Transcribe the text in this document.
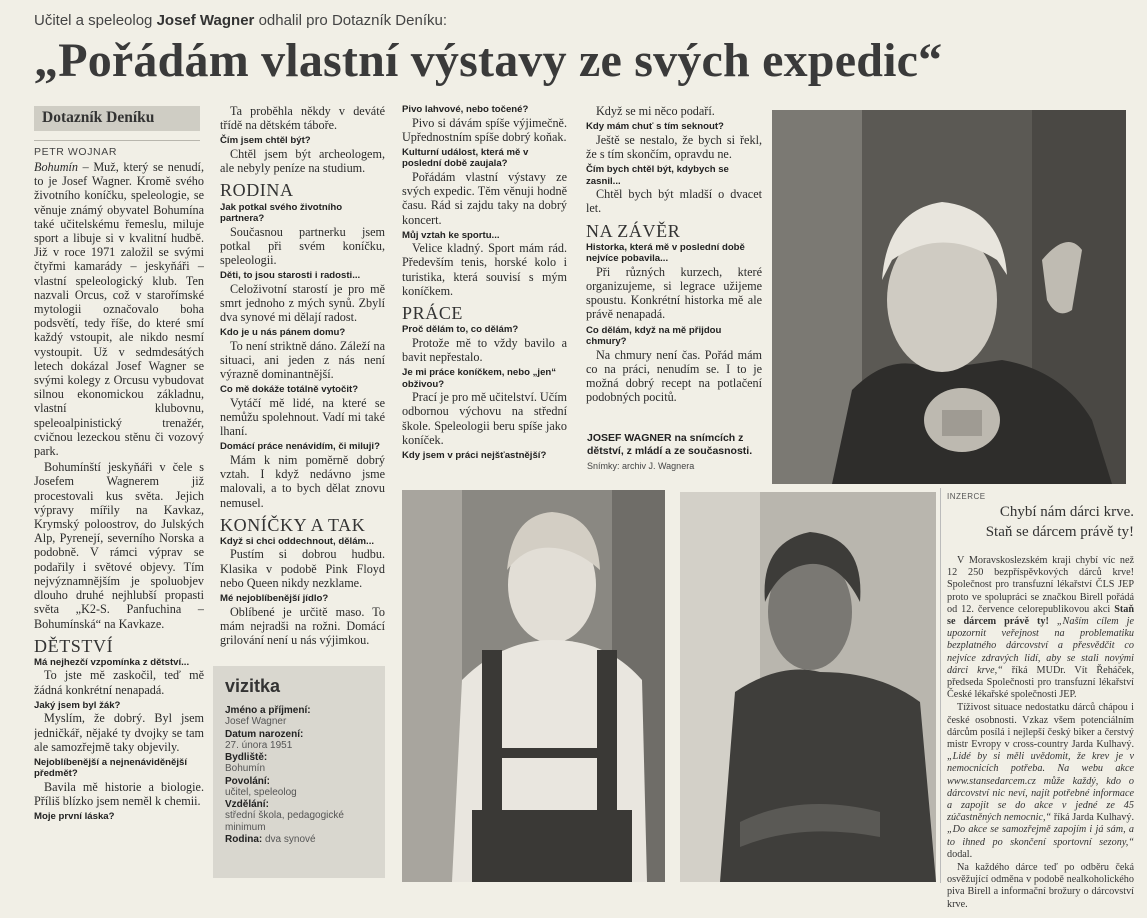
Učitel a speleolog Josef Wagner odhalil pro Dotazník Deníku:
„Pořádám vlastní výstavy ze svých expedic“
Dotazník Deníku
PETR WOJNAR

Bohumín – Muž, který se nenudí, to je Josef Wagner. Kromě svého životního koníčku, speleologie, se věnuje známý obyvatel Bohumína také učitelskému řemeslu, miluje sport a libuje si v kvalitní hudbě. Již v roce 1971 založil se svými čtyřmi kamarády – jeskyňáři – vlastní speleologický klub. Ten nazvali Orcus, což v starořímské mytologii označovalo boha podsvětí, tedy říše, do které smí každý vstoupit, ale nikdo nesmí vystoupit. Už v sedmdesátých letech dokázal Josef Wagner se svými kolegy z Orcusu vybudovat silnou ekonomickou základnu, vlastní klubovnu, speleoalpinistický trenažér, cvičnou lezeckou stěnu či vozový park.

Bohumínští jeskyňáři v čele s Josefem Wagnerem již procestovali kus světa. Jejich výpravy mířily na Kavkaz, Krymský poloostrov, do Julských Alp, Pyrenejí, severního Norska a podobně. V rámci výprav se podařily i světové objevy. Tím nejvýznamnějším je spoluobjev dlouho druhé nejhlubší propasti světa „K2-S. Panfuchina – Bohumínská“ na Kavkaze.

DĚTSTVÍ
Má nejhezčí vzpomínka z dětství...

To jste mě zaskočil, teď mě žádná konkrétní nenapadá.

Jaký jsem byl žák?

Myslím, že dobrý. Byl jsem jedničkář, nějaké ty dvojky se tam ale samozřejmě taky objevily.

Nejoblíbenější a nejnenáviděnější předmět?

Bavila mě historie a biologie. Příliš blízko jsem neměl k chemii.

Moje první láska?

Ta proběhla někdy v deváté třídě na dětském táboře.

Čím jsem chtěl být?

Chtěl jsem být archeologem, ale nebyly peníze na studium.

RODINA
Jak potkal svého životního partnera?

Současnou partnerku jsem potkal při svém koníčku, speleologii.

Děti, to jsou starosti i radosti...

Celoživotní starostí je pro mě smrt jednoho z mých synů. Zbylí dva synové mi dělají radost.

Kdo je u nás pánem domu?

To není striktně dáno. Záleží na situaci, ani jeden z nás není výrazně dominantnější.

Co mě dokáže totálně vytočit?

Vytáčí mě lidé, na které se nemůžu spolehnout. Vadí mi také lhaní.

Domácí práce nenávidím, či miluji?

Mám k nim poměrně dobrý vztah. I když nedávno jsme malovali, a to bych dělat znovu nemusel.

KONÍČKY A TAK
Když si chci oddechnout, dělám...

Pustím si dobrou hudbu. Klasika v podobě Pink Floyd nebo Queen nikdy nezklame.

Mé nejoblíbenější jídlo?

Oblíbené je určitě maso. To mám nejradši na rožni. Domácí grilování není u nás výjimkou.

vizitka
Jméno a příjmení:
Josef Wagner
Datum narození:
27. února 1951
Bydliště:
Bohumín
Povolání:
učitel, speleolog
Vzdělání:
střední škola, pedagogické minimum
Rodina: dva synové
Pivo lahvové, nebo točené?

Pivo si dávám spíše výjimečně. Upřednostním spíše dobrý koňak.

Kulturní událost, která mě v poslední době zaujala?

Pořádám vlastní výstavy ze svých expedic. Těm věnuji hodně času. Rád si zajdu taky na dobrý koncert.

Můj vztah ke sportu...

Velice kladný. Sport mám rád. Především tenis, horské kolo i turistika, která souvisí s mým koníčkem.

PRÁCE
Proč dělám to, co dělám?

Protože mě to vždy bavilo a bavit nepřestalo.

Je mi práce koníčkem, nebo „jen“ obživou?

Prací je pro mě učitelství. Učím odbornou výchovu na střední škole. Speleologii beru spíše jako koníček.

Kdy jsem v práci nejšťastnější?

Když se mi něco podaří.

Kdy mám chuť s tím seknout?

Ještě se nestalo, že bych si řekl, že s tím skončím, opravdu ne.

Čím bych chtěl být, kdybych se zasnil...

Chtěl bych být mladší o dvacet let.

NA ZÁVĚR
Historka, která mě v poslední době nejvíce pobavila...

Při různých kurzech, které organizujeme, si legrace užijeme spoustu. Konkrétní historka mě ale právě nenapadá.

Co dělám, když na mě přijdou chmury?

Na chmury není čas. Pořád mám co na práci, nenudím se. I to je možná dobrý recept na potlačení podobných pocitů.

JOSEF WAGNER na snímcích z dětství, z mládí a ze současnosti.
Snímky: archiv J. Wagnera
INZERCE
Chybí nám dárci krve.
Staň se dárcem právě ty!

V Moravskoslezském kraji chybí víc než 12 250 bezpříspěvkových dárců krve! Společnost pro transfuzní lékařství ČLS JEP proto ve spolupráci se značkou Birell pořádá od 12. července celorepublikovou akci Staň se dárcem právě ty! „Naším cílem je upozornit veřejnost na problematiku bezplatného dárcovství a přesvědčit co nejvíce zdravých lidí, aby se stali novými dárci krve,“ říká MUDr. Vít Řeháček, předseda Společnosti pro transfuzní lékařství České lékařské společnosti JEP.

Tíživost situace nedostatku dárců chápou i české osobnosti. Vzkaz všem potenciálním dárcům posílá i nejlepší český biker a čerstvý mistr Evropy v cross-country Jarda Kulhavý. „Lidé by si měli uvědomit, že krev je v nemocnicích potřeba. Na webu akce www.stansedarcem.cz může každý, kdo o dárcovství nic neví, najít potřebné informace a zapojit se do akce v jedné ze 45 zúčastněných nemocnic,“ říká Jarda Kulhavý. „Do akce se samozřejmě zapojím i já sám, a to ihned po skončení sportovní sezony,“ dodal.

Na každého dárce teď po odběru čeká osvěžující odměna v podobě nealkoholického piva Birell a informační brožury o dárcovství krve.
